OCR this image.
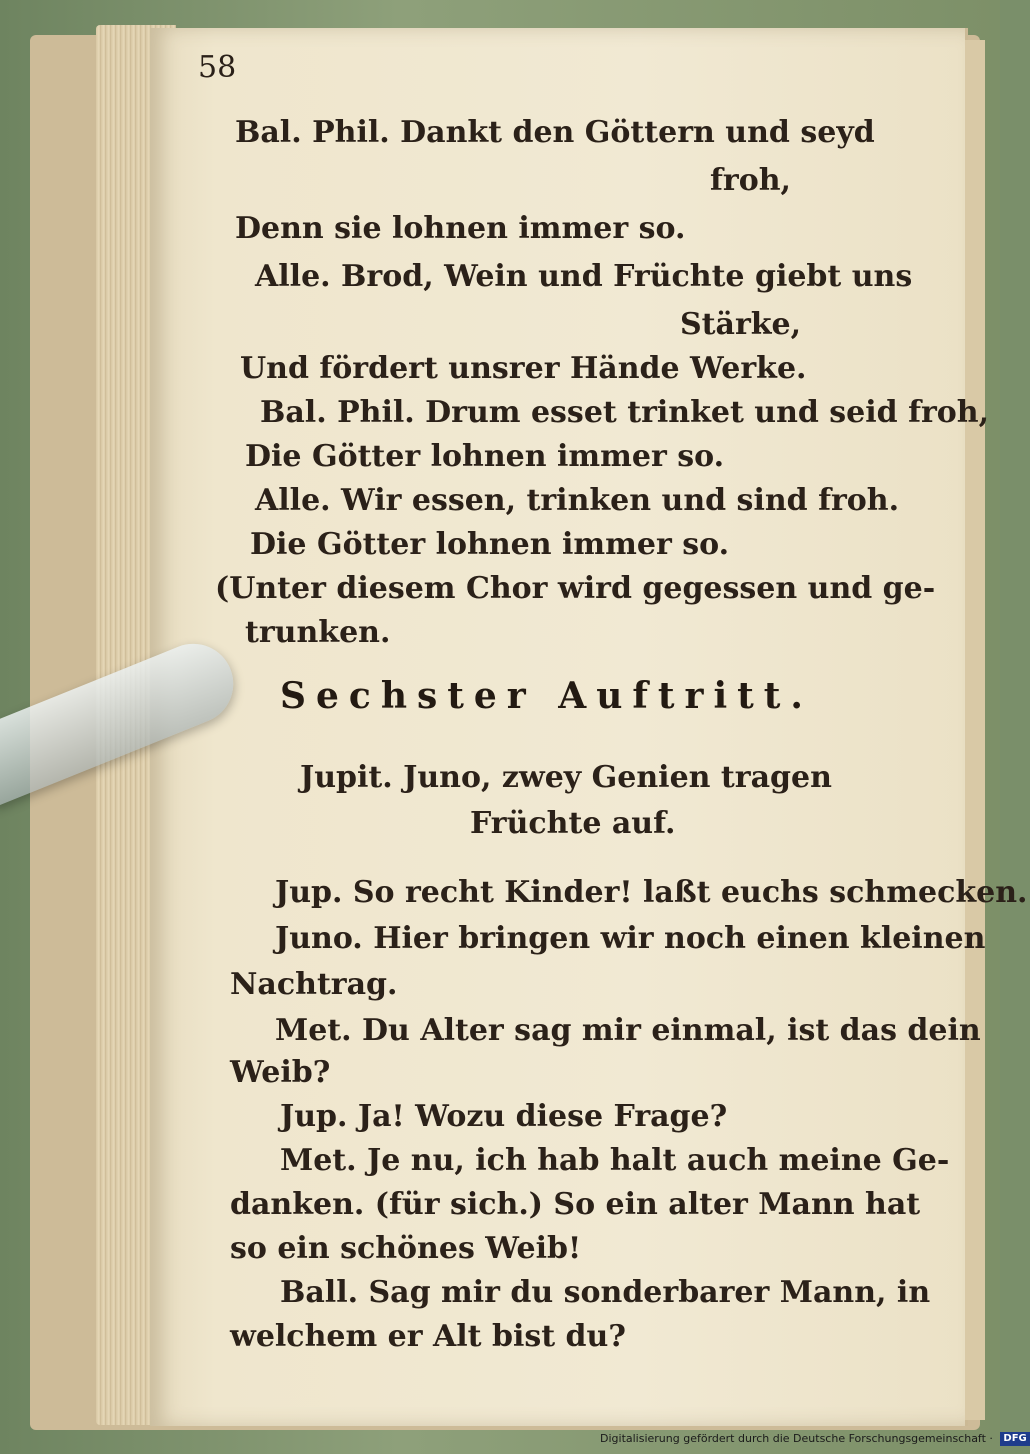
58
Bal. Phil. Dankt den Göttern und seyd
froh,
Denn sie lohnen immer so.
Alle. Brod, Wein und Früchte giebt uns
Stärke,
Und fördert unsrer Hände Werke.
Bal. Phil. Drum esset trinket und seid froh,
Die Götter lohnen immer so.
Alle. Wir essen, trinken und sind froh.
Die Götter lohnen immer so.
(Unter diesem Chor wird gegessen und ge-
trunken.
Jupit. Juno, zwey Genien tragen
Früchte auf.
Jup. So recht Kinder! laßt euchs schmecken.
Juno. Hier bringen wir noch einen kleinen
Nachtrag.
Met. Du Alter sag mir einmal, ist das dein
Weib?
Jup. Ja! Wozu diese Frage?
Met. Je nu, ich hab halt auch meine Ge-
danken. (für sich.) So ein alter Mann hat
so ein schönes Weib!
Ball. Sag mir du sonderbarer Mann, in
welchem er Alt bist du?
Sechster Auftritt.
Digitalisierung gefördert durch die Deutsche Forschungsgemeinschaft · DFG
